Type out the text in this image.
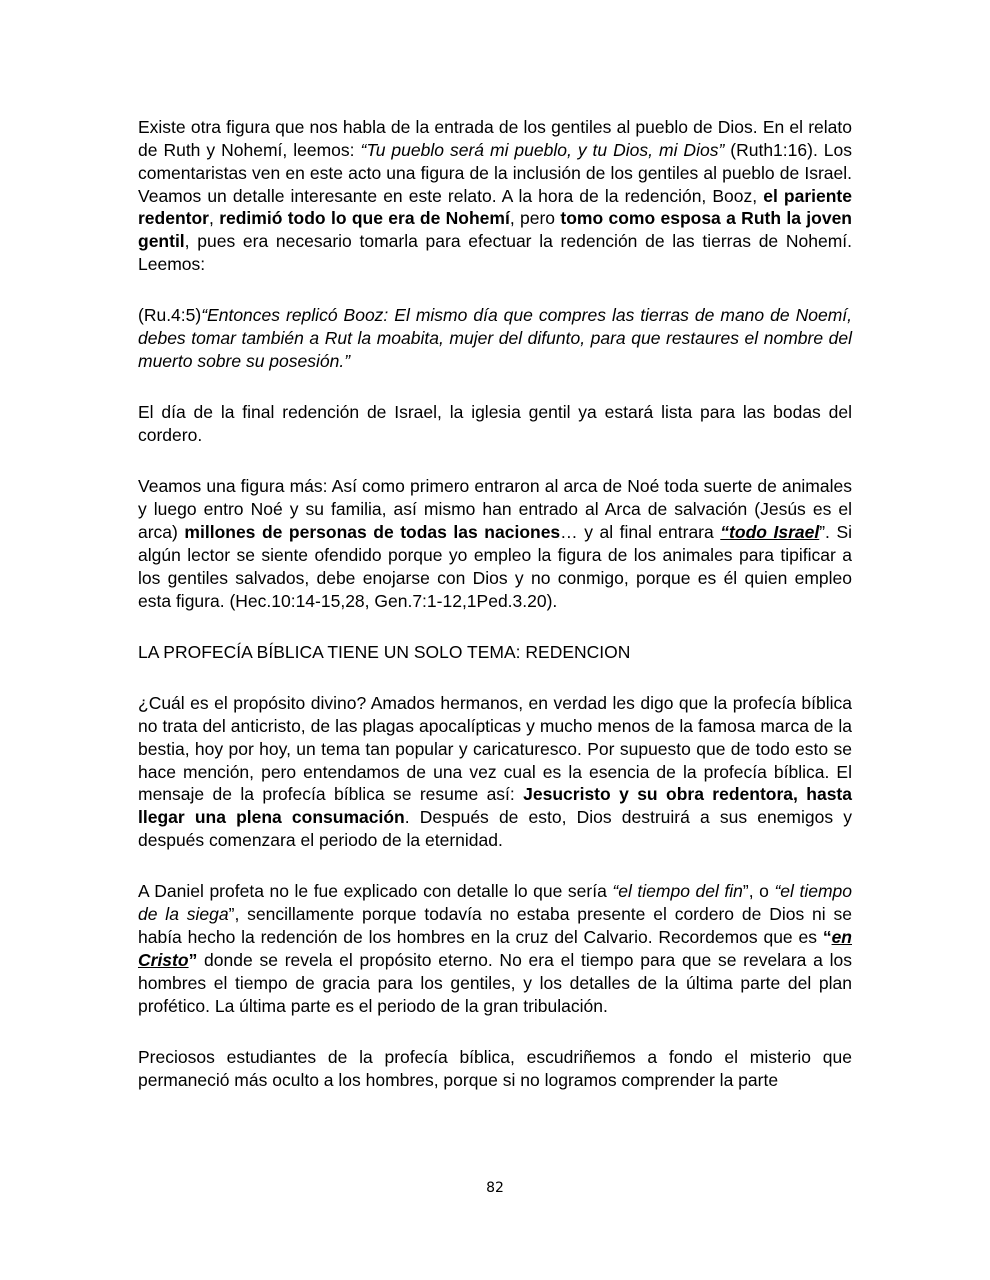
Existe otra figura que nos habla de la entrada de los gentiles al pueblo de Dios. En el relato de Ruth y Nohemí, leemos: “Tu pueblo será mi pueblo, y tu Dios, mi Dios” (Ruth1:16). Los comentaristas ven en este acto una figura de la inclusión de los gentiles al pueblo de Israel. Veamos un detalle interesante en este relato. A la hora de la redención, Booz, el pariente redentor, redimió todo lo que era de Nohemí, pero tomo como esposa a Ruth la joven gentil, pues era necesario tomarla para efectuar la redención de las tierras de Nohemí. Leemos:

(Ru.4:5)“Entonces replicó Booz: El mismo día que compres las tierras de mano de Noemí, debes tomar también a Rut la moabita, mujer del difunto, para que restaures el nombre del muerto sobre su posesión.”

El día de la final redención de Israel, la iglesia gentil ya estará lista para las bodas del cordero.

Veamos una figura más: Así como primero entraron al arca de Noé toda suerte de animales y luego entro Noé y su familia, así mismo han entrado al Arca de salvación (Jesús es el arca) millones de personas de todas las naciones… y al final entrara “todo Israel”. Si algún lector se siente ofendido porque yo empleo la figura de los animales para tipificar a los gentiles salvados, debe enojarse con Dios y no conmigo, porque es él quien empleo esta figura. (Hec.10:14-15,28, Gen.7:1-12,1Ped.3.20).

LA PROFECÍA BÍBLICA TIENE UN SOLO TEMA: REDENCION

¿Cuál es el propósito divino? Amados hermanos, en verdad les digo que la profecía bíblica no trata del anticristo, de las plagas apocalípticas y mucho menos de la famosa marca de la bestia, hoy por hoy, un tema tan popular y caricaturesco. Por supuesto que de todo esto se hace mención, pero entendamos de una vez cual es la esencia de la profecía bíblica. El mensaje de la profecía bíblica se resume así: Jesucristo y su obra redentora, hasta llegar una plena consumación. Después de esto, Dios destruirá a sus enemigos y después comenzara el periodo de la eternidad.

A Daniel profeta no le fue explicado con detalle lo que sería “el tiempo del fin”, o “el tiempo de la siega”, sencillamente porque todavía no estaba presente el cordero de Dios ni se había hecho la redención de los hombres en la cruz del Calvario. Recordemos que es “en Cristo” donde se revela el propósito eterno. No era el tiempo para que se revelara a los hombres el tiempo de gracia para los gentiles, y los detalles de la última parte del plan profético. La última parte es el periodo de la gran tribulación.

Preciosos estudiantes de la profecía bíblica, escudriñemos a fondo el misterio que permaneció más oculto a los hombres, porque si no logramos comprender la parte

82
